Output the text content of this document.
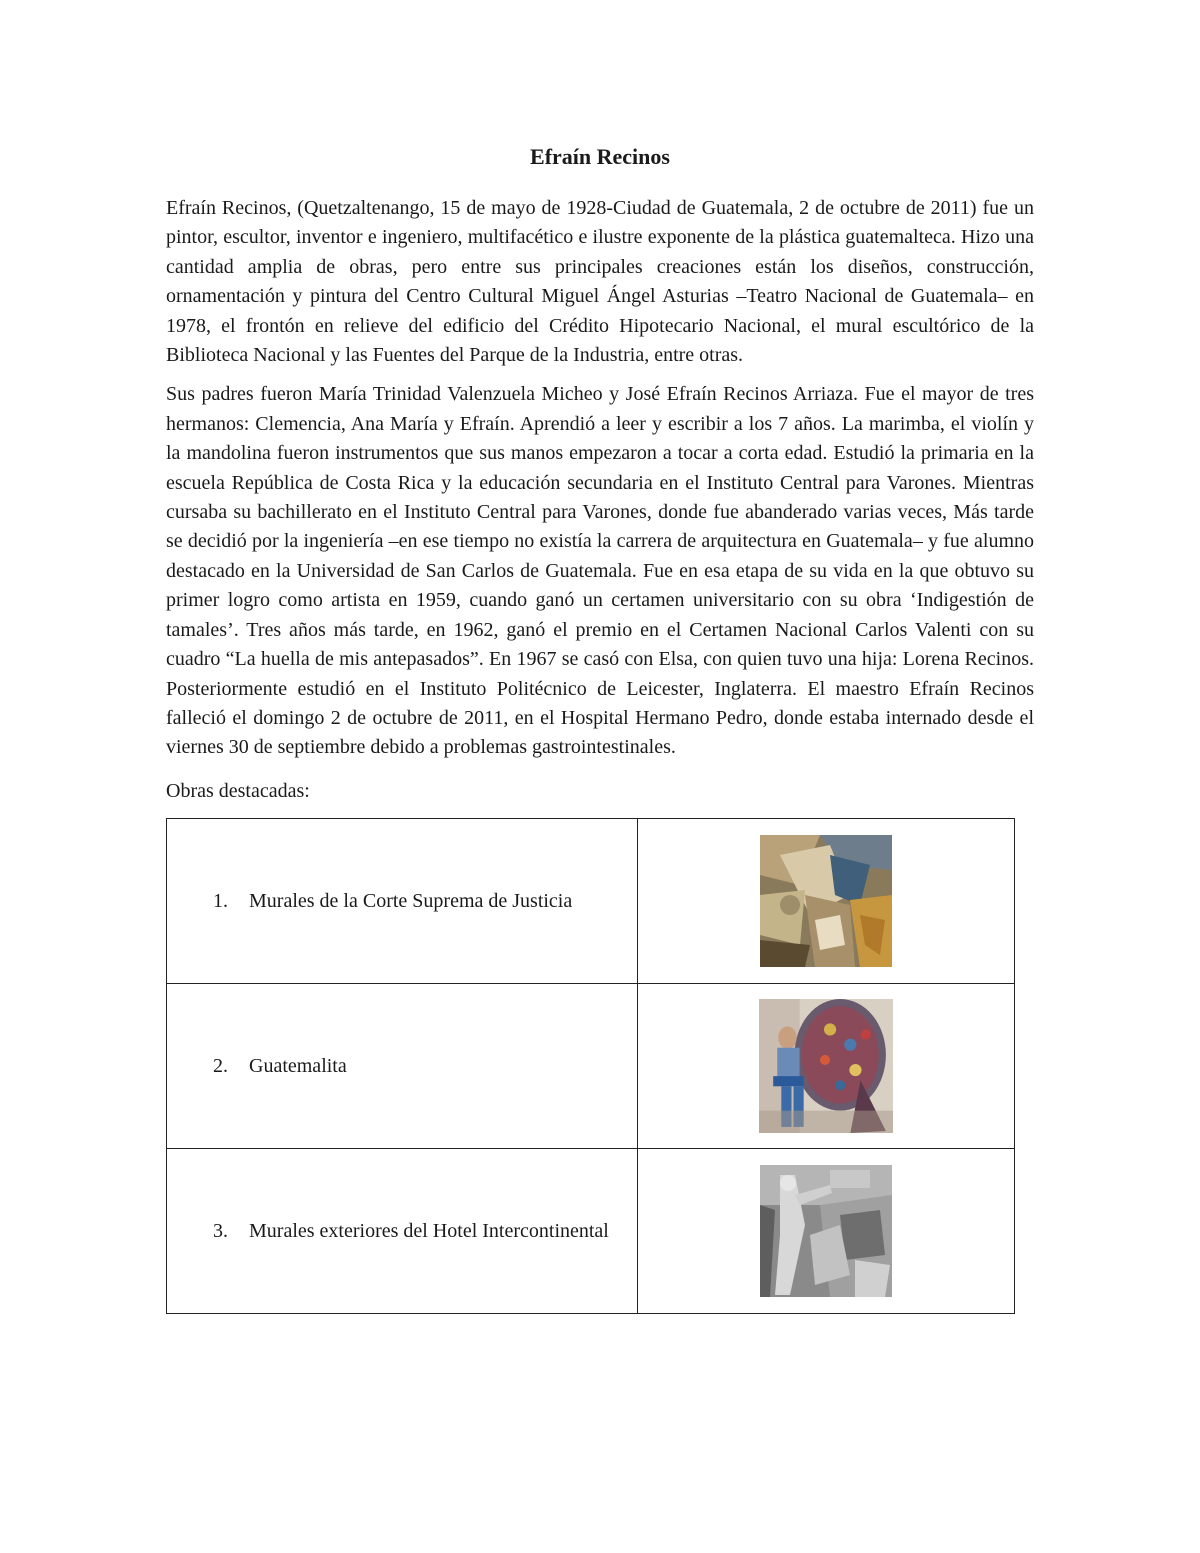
Efraín Recinos

Efraín Recinos, (Quetzaltenango, 15 de mayo de 1928-Ciudad de Guatemala, 2 de octubre de 2011) fue un pintor, escultor, inventor e ingeniero, multifacético e ilustre exponente de la plástica guatemalteca. Hizo una cantidad amplia de obras, pero entre sus principales creaciones están los diseños, construcción, ornamentación y pintura del Centro Cultural Miguel Ángel Asturias –Teatro Nacional de Guatemala– en 1978, el frontón en relieve del edificio del Crédito Hipotecario Nacional, el mural escultórico de la Biblioteca Nacional y las Fuentes del Parque de la Industria, entre otras.

Sus padres fueron María Trinidad Valenzuela Micheo y José Efraín Recinos Arriaza. Fue el mayor de tres hermanos: Clemencia, Ana María y Efraín. Aprendió a leer y escribir a los 7 años. La marimba, el violín y la mandolina fueron instrumentos que sus manos empezaron a tocar a corta edad. Estudió la primaria en la escuela República de Costa Rica y la educación secundaria en el Instituto Central para Varones. Mientras cursaba su bachillerato en el Instituto Central para Varones, donde fue abanderado varias veces, Más tarde se decidió por la ingeniería –en ese tiempo no existía la carrera de arquitectura en Guatemala– y fue alumno destacado en la Universidad de San Carlos de Guatemala. Fue en esa etapa de su vida en la que obtuvo su primer logro como artista en 1959, cuando ganó un certamen universitario con su obra ‘Indigestión de tamales’. Tres años más tarde, en 1962, ganó el premio en el Certamen Nacional Carlos Valenti con su cuadro “La huella de mis antepasados”. En 1967 se casó con Elsa, con quien tuvo una hija: Lorena Recinos. Posteriormente estudió en el Instituto Politécnico de Leicester, Inglaterra. El maestro Efraín Recinos falleció el domingo 2 de octubre de 2011, en el Hospital Hermano Pedro, donde estaba internado desde el viernes 30 de septiembre debido a problemas gastrointestinales.

Obras destacadas:
1. Murales de la Corte Suprema de Justicia

2. Guatemalita

3. Murales exteriores del Hotel Intercontinental
